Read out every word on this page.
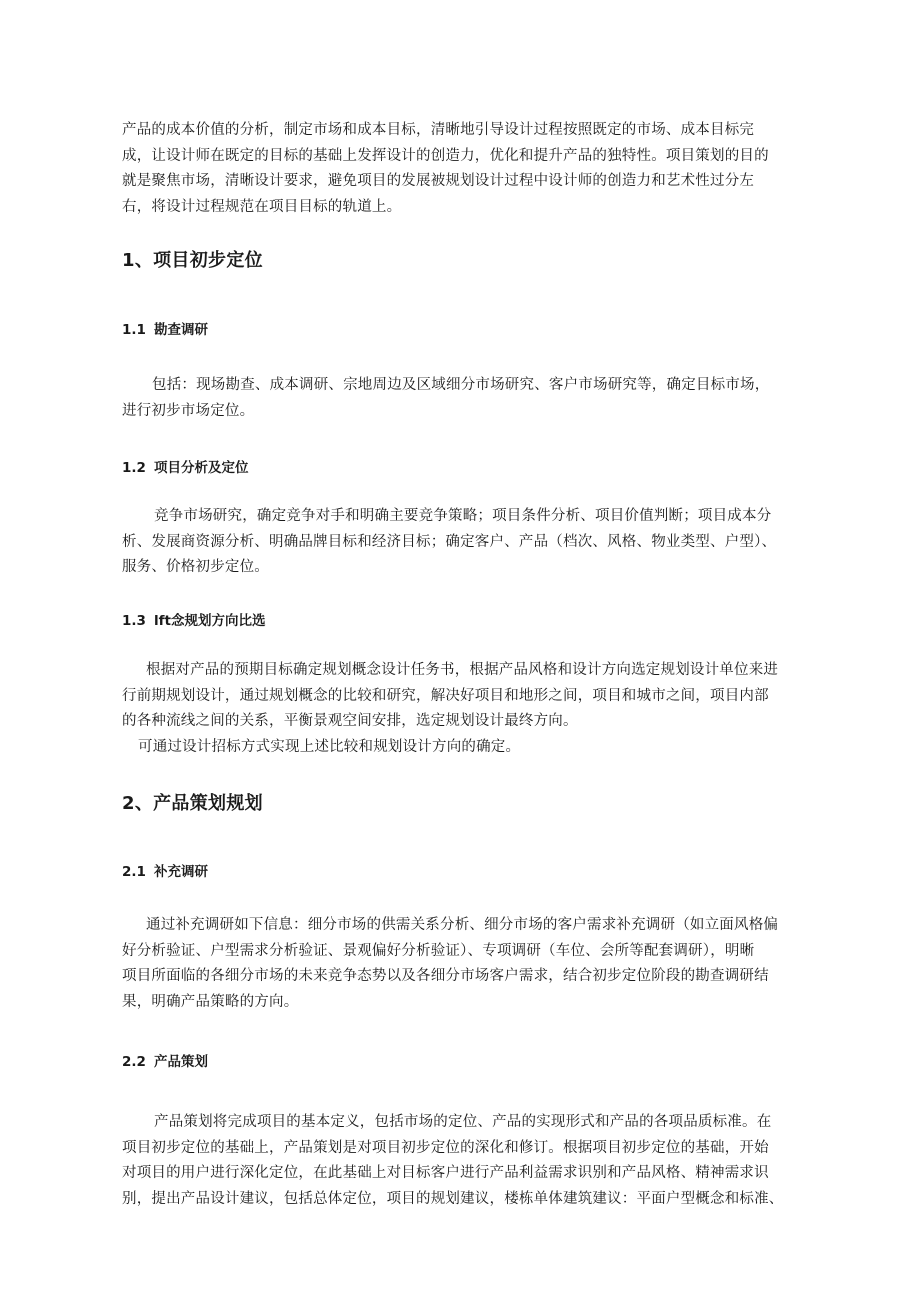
产品的成本价值的分析，制定市场和成本目标，清晰地引导设计过程按照既定的市场、成本目标完
成，让设计师在既定的目标的基础上发挥设计的创造力，优化和提升产品的独特性。项目策划的目的
就是聚焦市场，清晰设计要求，避免项目的发展被规划设计过程中设计师的创造力和艺术性过分左
右，将设计过程规范在项目目标的轨道上。

1、项目初步定位
1.1 勘查调研

包括：现场勘查、成本调研、宗地周边及区域细分市场研究、客户市场研究等，确定目标市场，
进行初步市场定位。

1.2 项目分析及定位

竞争市场研究，确定竞争对手和明确主要竞争策略；项目条件分析、项目价值判断；项目成本分
析、发展商资源分析、明确品牌目标和经济目标；确定客户、产品（档次、风格、物业类型、户型）、
服务、价格初步定位。

1.3 lft念规划方向比选

根据对产品的预期目标确定规划概念设计任务书，根据产品风格和设计方向选定规划设计单位来进
行前期规划设计，通过规划概念的比较和研究，解决好项目和地形之间，项目和城市之间，项目内部
的各种流线之间的关系，平衡景观空间安排，选定规划设计最终方向。
可通过设计招标方式实现上述比较和规划设计方向的确定。

2、产品策划规划
2.1 补充调研

通过补充调研如下信息：细分市场的供需关系分析、细分市场的客户需求补充调研（如立面风格偏
好分析验证、户型需求分析验证、景观偏好分析验证）、专项调研（车位、会所等配套调研），明晰
项目所面临的各细分市场的未来竞争态势以及各细分市场客户需求，结合初步定位阶段的勘查调研结
果，明确产品策略的方向。

2.2 产品策划

产品策划将完成项目的基本定义，包括市场的定位、产品的实现形式和产品的各项品质标准。在
项目初步定位的基础上，产品策划是对项目初步定位的深化和修订。根据项目初步定位的基础，开始
对项目的用户进行深化定位，在此基础上对目标客户进行产品利益需求识别和产品风格、精神需求识
别，提出产品设计建议，包括总体定位，项目的规划建议，楼栋单体建筑建议：平面户型概念和标准、
